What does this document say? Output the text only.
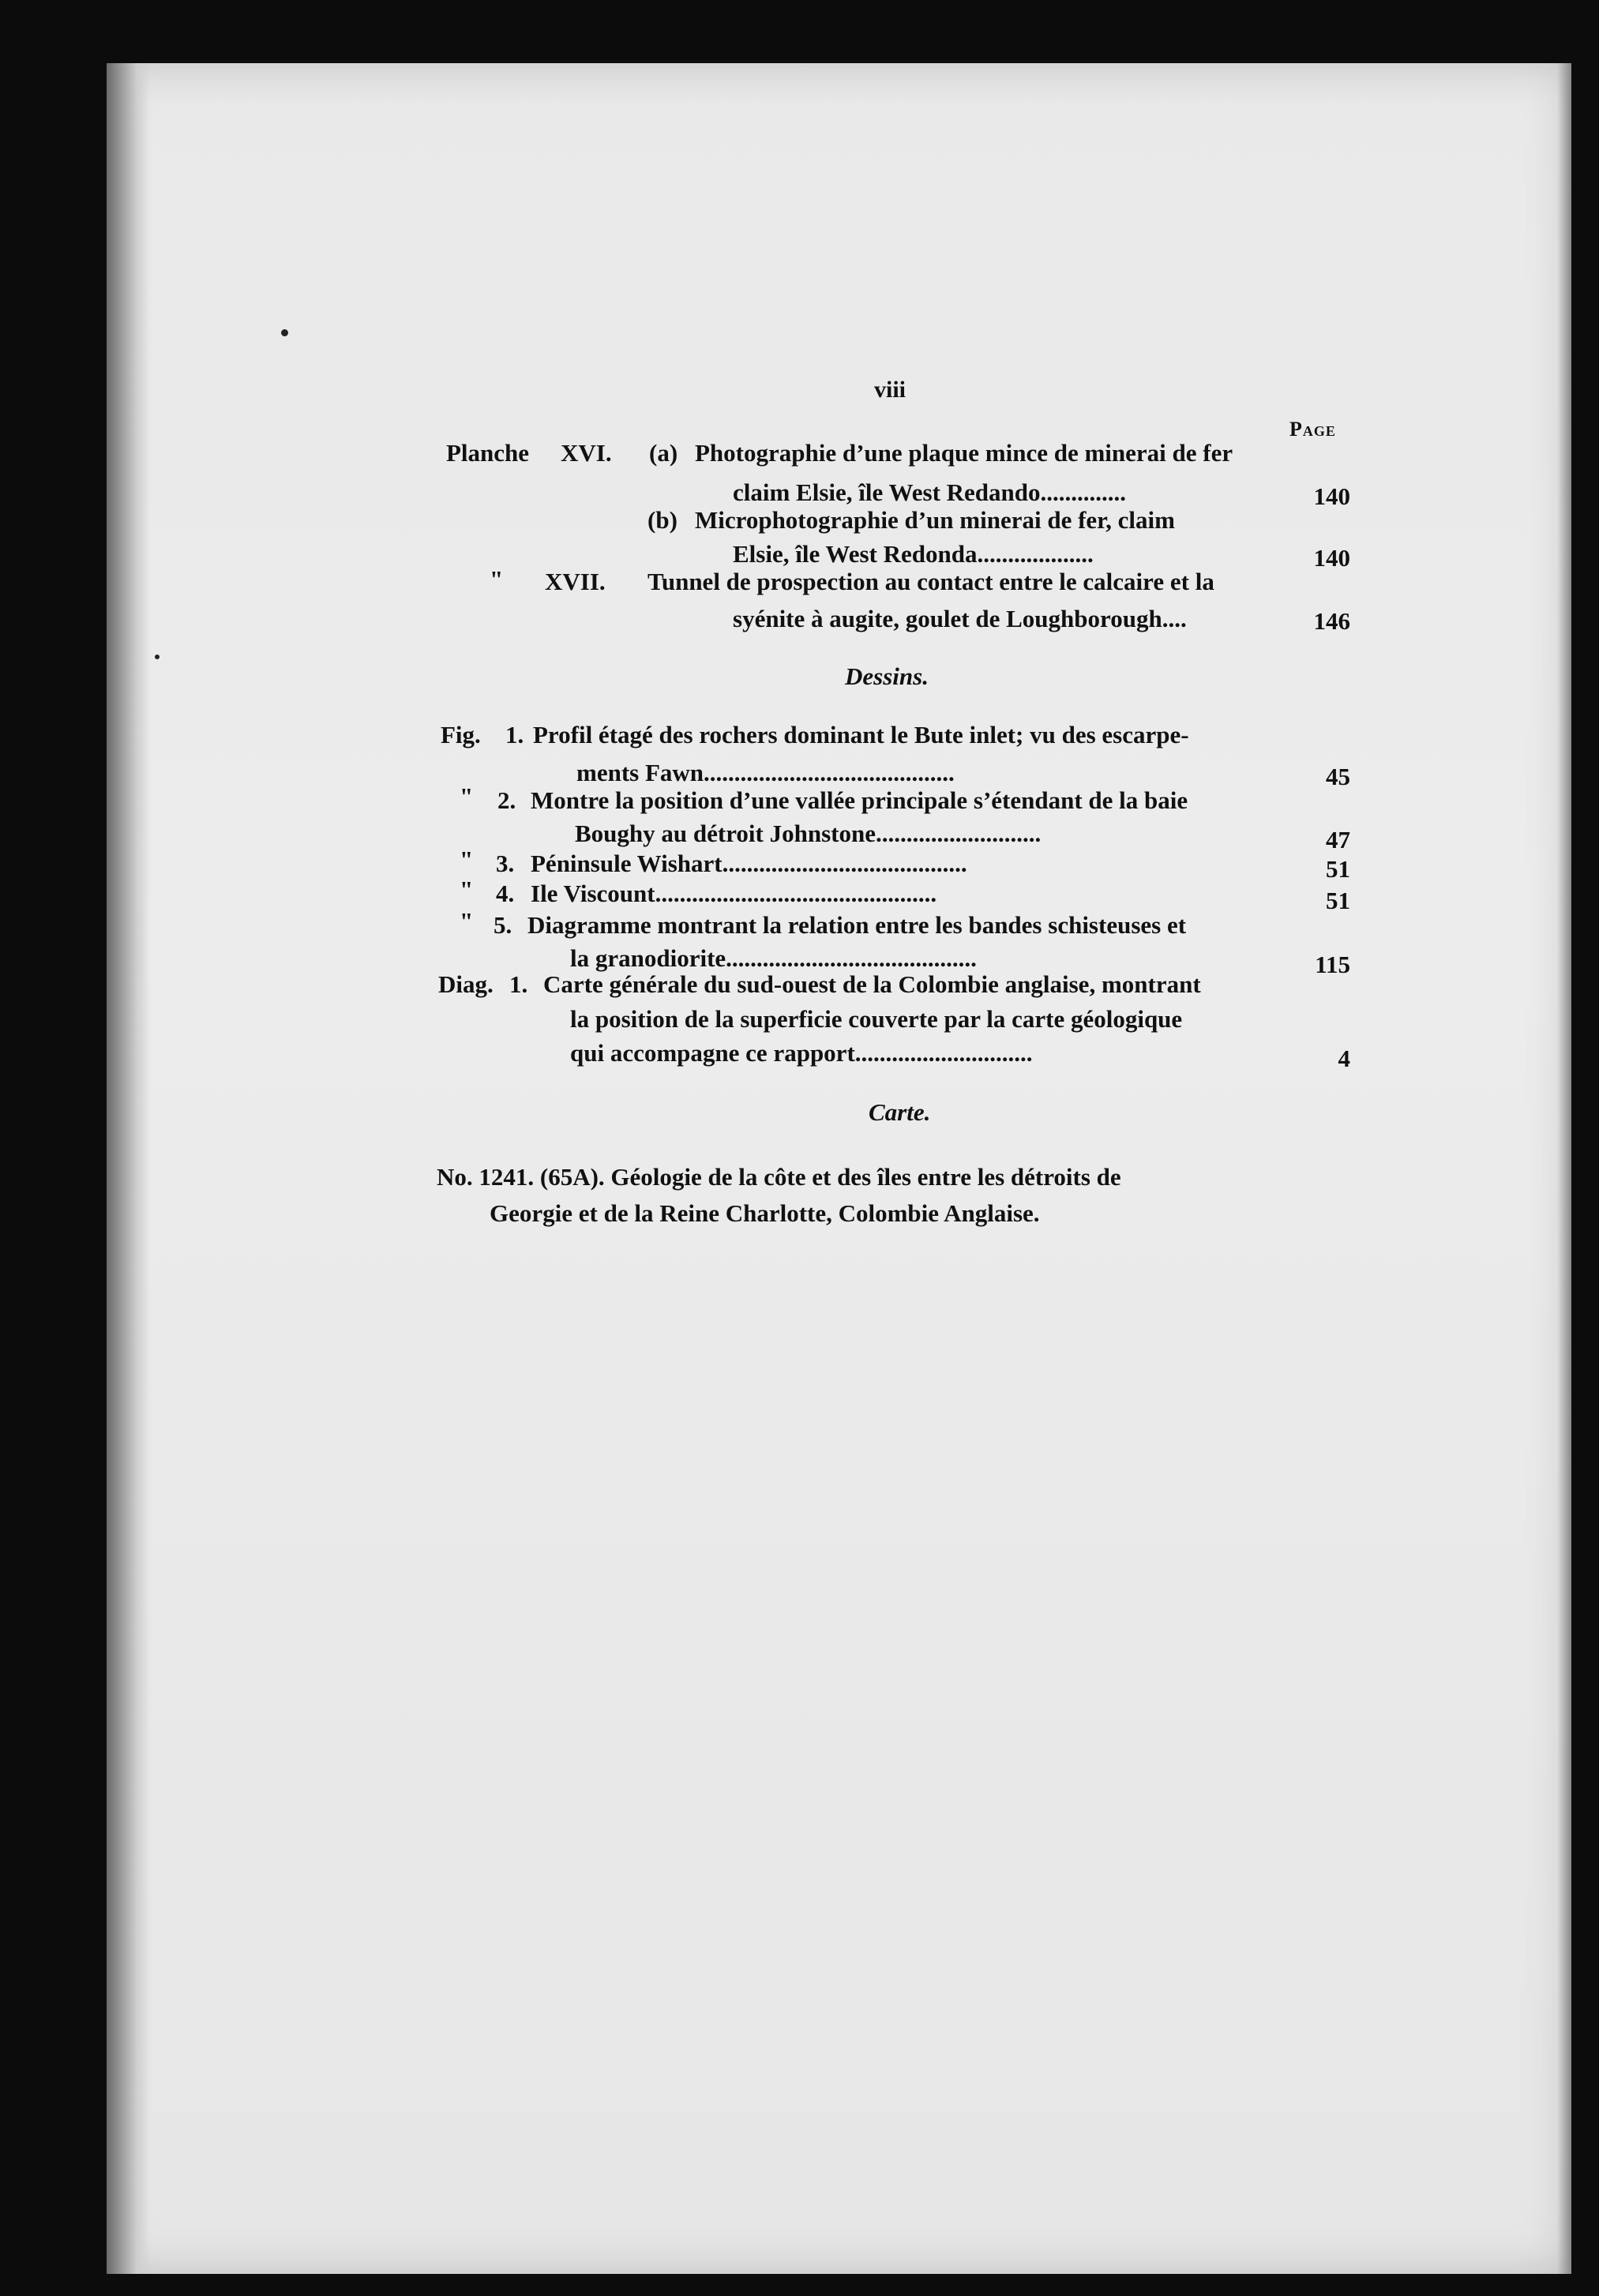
viii
Page
Planche XVI. (a) Photographie d’une plaque mince de minerai de fer
claim Elsie, île West Redando..............	140
(b) Microphotographie d’un minerai de fer, claim
Elsie, île West Redonda...................	140
" XVII. Tunnel de prospection au contact entre le calcaire et la
syénite à augite, goulet de Loughborough....	146
Dessins.
Fig. 1. Profil étagé des rochers dominant le Bute inlet; vu des escarpe-
ments Fawn.........................................	45
" 2. Montre la position d’une vallée principale s’étendant de la baie
Boughy au détroit Johnstone...........................	47
" 3. Péninsule Wishart........................................	51
" 4. Ile Viscount..............................................	51
" 5. Diagramme montrant la relation entre les bandes schisteuses et
la granodiorite.........................................	115
Diag. 1. Carte générale du sud-ouest de la Colombie anglaise, montrant
la position de la superficie couverte par la carte géologique
qui accompagne ce rapport.............................	4
Carte.
No. 1241. (65A). Géologie de la côte et des îles entre les détroits de
Georgie et de la Reine Charlotte, Colombie Anglaise.
